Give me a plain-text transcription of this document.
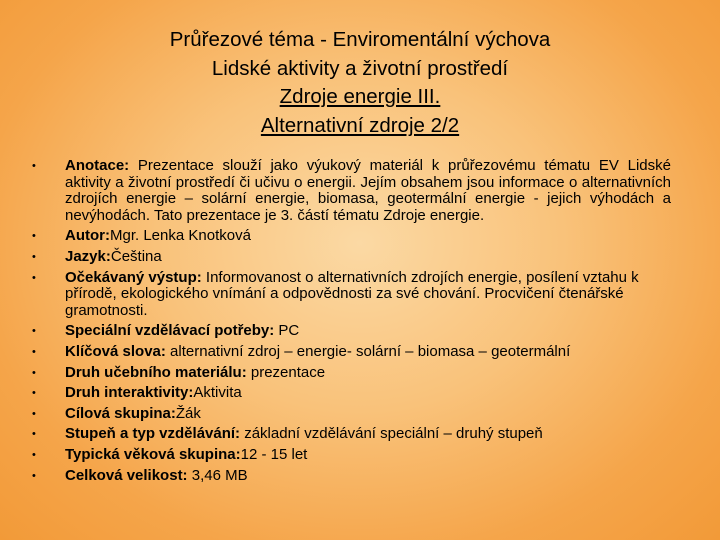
Průřezové téma - Enviromentální výchova
Lidské aktivity a životní prostředí
Zdroje energie III.
Alternativní zdroje 2/2
• Anotace: Prezentace slouží jako výukový materiál k průřezovému tématu EV Lidské aktivity a životní prostředí či učivu o energii. Jejím obsahem jsou informace o alternativních zdrojích energie – solární energie, biomasa, geotermální energie - jejich výhodách a nevýhodách. Tato prezentace je 3. částí tématu Zdroje energie.
• Autor:Mgr. Lenka Knotková
• Jazyk:Čeština
• Očekávaný výstup: Informovanost o alternativních zdrojích energie, posílení vztahu k přírodě, ekologického vnímání a odpovědnosti za své chování. Procvičení čtenářské gramotnosti.
• Speciální vzdělávací potřeby: PC
• Klíčová slova: alternativní zdroj – energie- solární – biomasa – geotermální
• Druh učebního materiálu: prezentace
• Druh interaktivity:Aktivita
• Cílová skupina:Žák
• Stupeň a typ vzdělávání: základní vzdělávání speciální – druhý stupeň
• Typická věková skupina:12 - 15 let
• Celková velikost: 3,46 MB
